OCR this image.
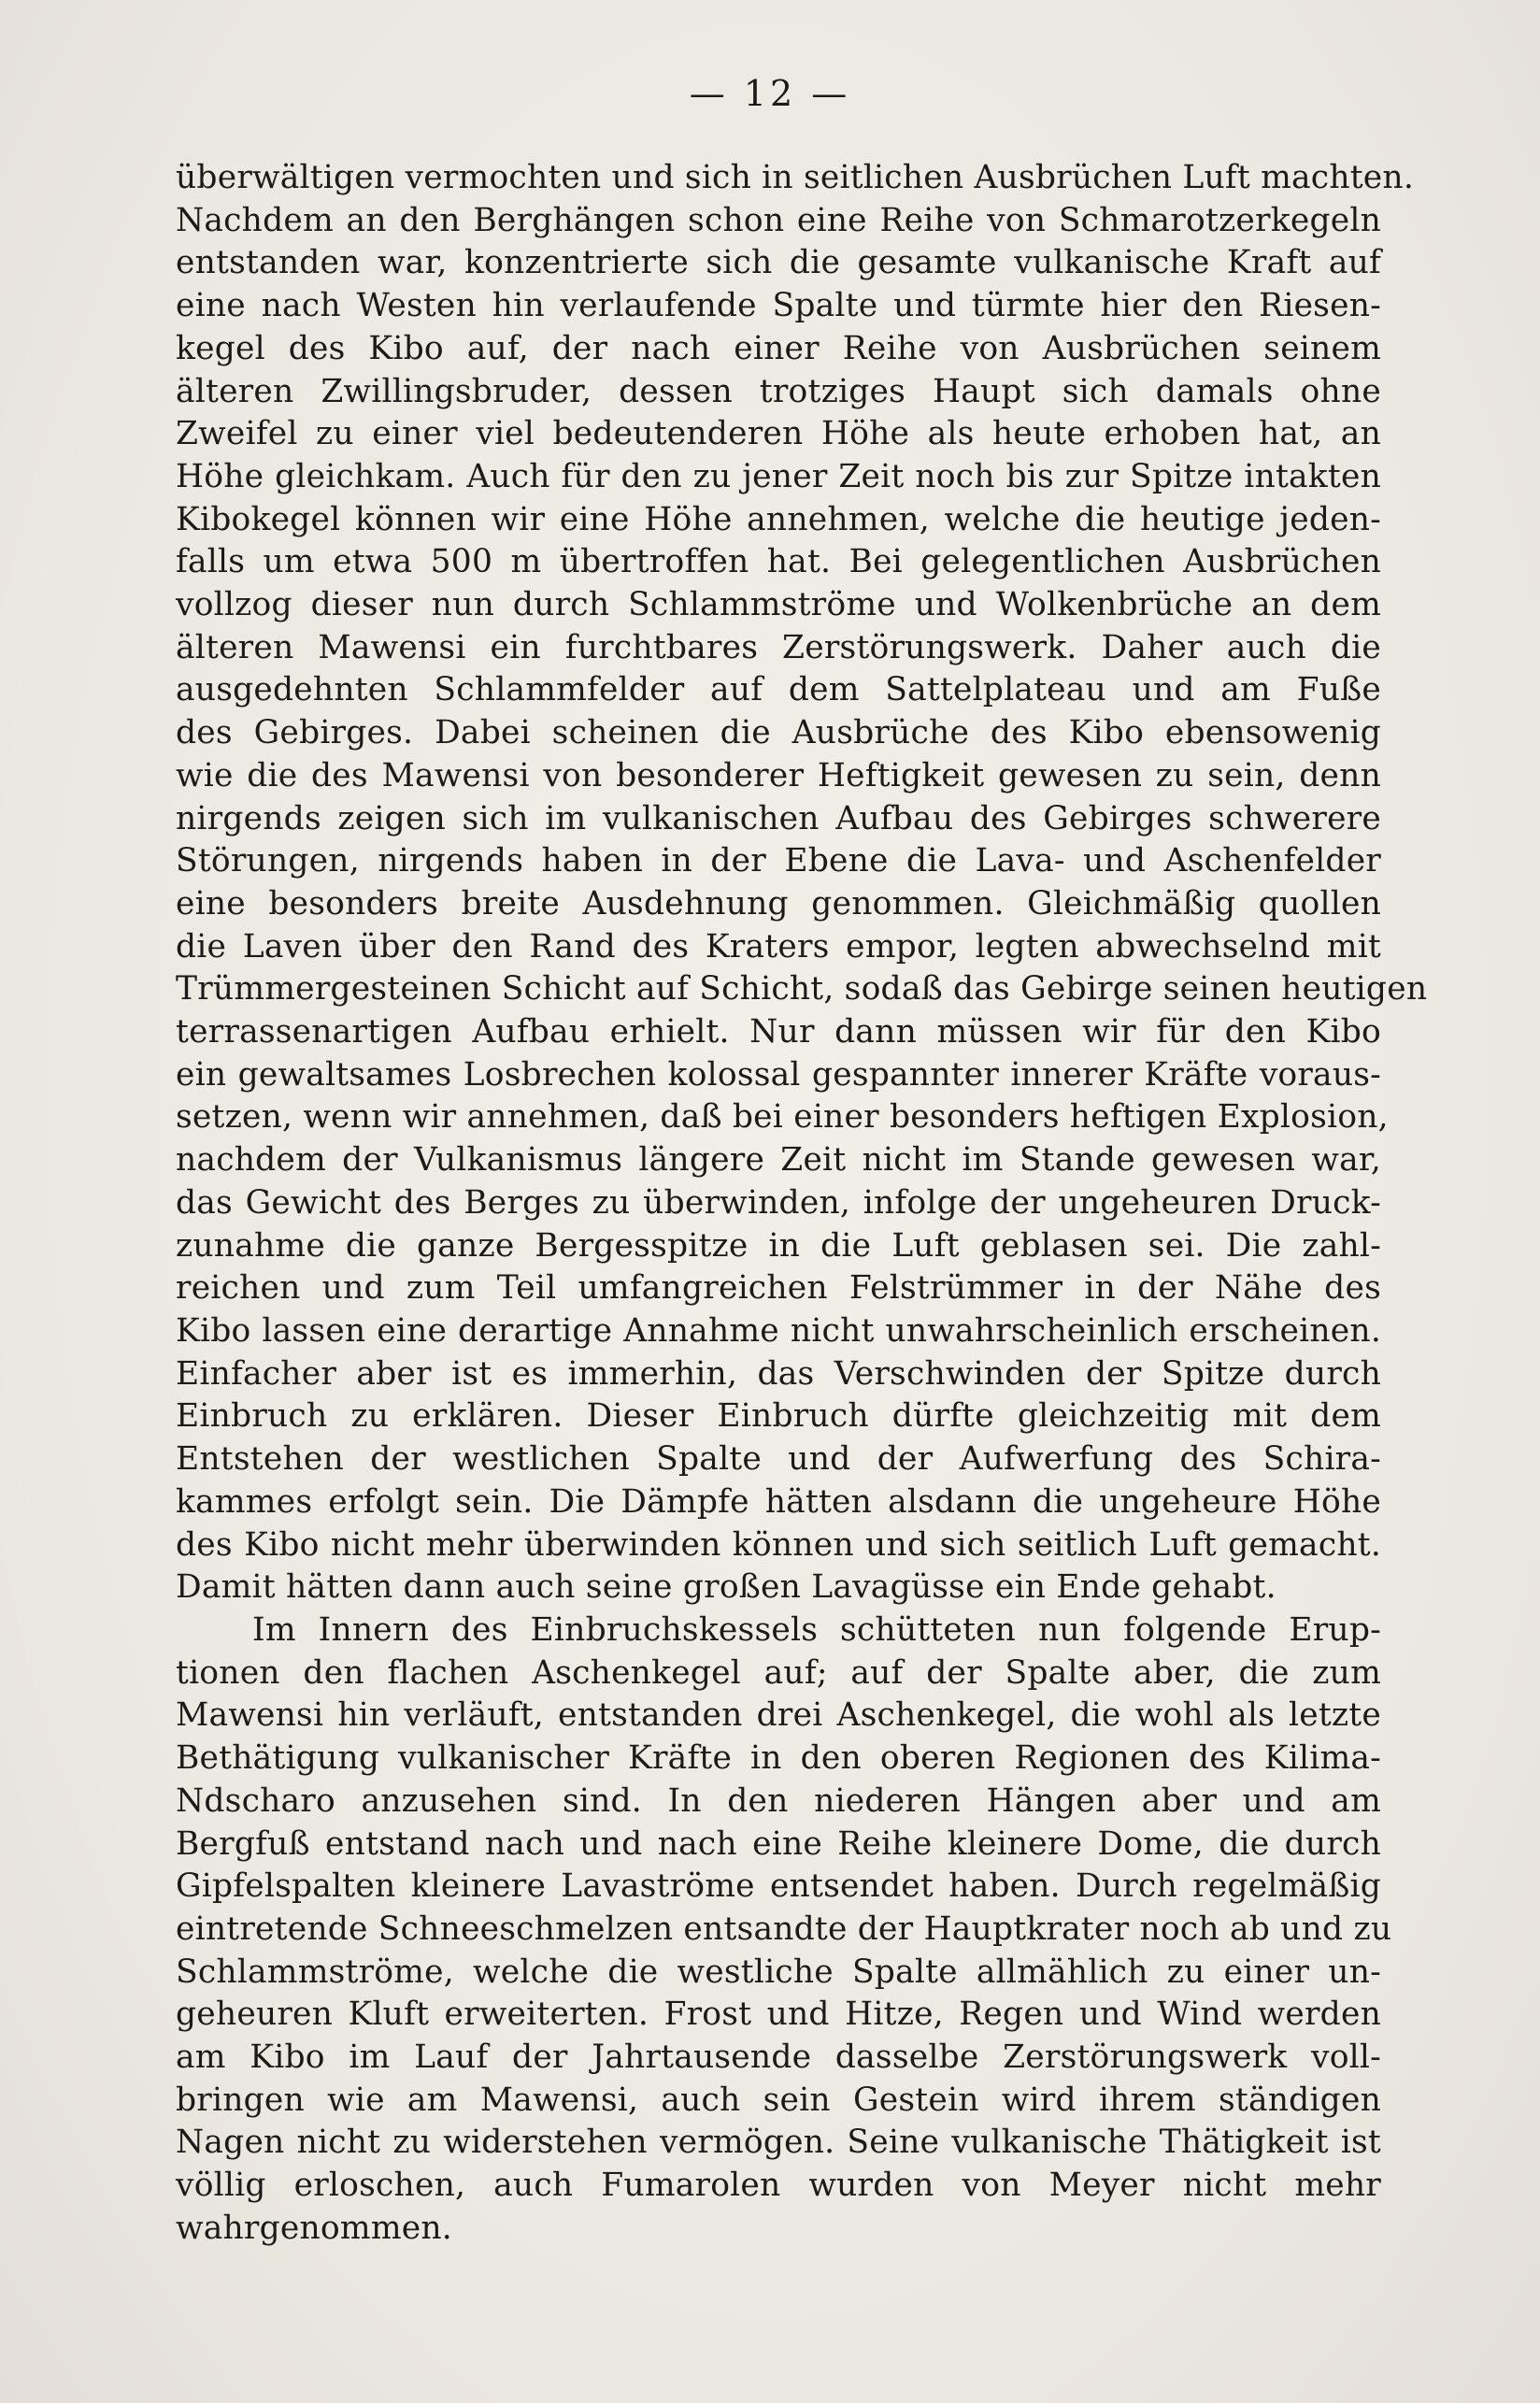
— 12 —
überwältigen vermochten und sich in seitlichen Ausbrüchen Luft machten.
Nachdem an den Berghängen schon eine Reihe von Schmarotzerkegeln
entstanden war, konzentrierte sich die gesamte vulkanische Kraft auf
eine nach Westen hin verlaufende Spalte und türmte hier den Riesen-
kegel des Kibo auf, der nach einer Reihe von Ausbrüchen seinem
älteren Zwillingsbruder, dessen trotziges Haupt sich damals ohne
Zweifel zu einer viel bedeutenderen Höhe als heute erhoben hat, an
Höhe gleichkam. Auch für den zu jener Zeit noch bis zur Spitze intakten
Kibokegel können wir eine Höhe annehmen, welche die heutige jeden-
falls um etwa 500 m übertroffen hat. Bei gelegentlichen Ausbrüchen
vollzog dieser nun durch Schlammströme und Wolkenbrüche an dem
älteren Mawensi ein furchtbares Zerstörungswerk. Daher auch die
ausgedehnten Schlammfelder auf dem Sattelplateau und am Fuße
des Gebirges. Dabei scheinen die Ausbrüche des Kibo ebensowenig
wie die des Mawensi von besonderer Heftigkeit gewesen zu sein, denn
nirgends zeigen sich im vulkanischen Aufbau des Gebirges schwerere
Störungen, nirgends haben in der Ebene die Lava- und Aschenfelder
eine besonders breite Ausdehnung genommen. Gleichmäßig quollen
die Laven über den Rand des Kraters empor, legten abwechselnd mit
Trümmergesteinen Schicht auf Schicht, sodaß das Gebirge seinen heutigen
terrassenartigen Aufbau erhielt. Nur dann müssen wir für den Kibo
ein gewaltsames Losbrechen kolossal gespannter innerer Kräfte voraus-
setzen, wenn wir annehmen, daß bei einer besonders heftigen Explosion,
nachdem der Vulkanismus längere Zeit nicht im Stande gewesen war,
das Gewicht des Berges zu überwinden, infolge der ungeheuren Druck-
zunahme die ganze Bergesspitze in die Luft geblasen sei. Die zahl-
reichen und zum Teil umfangreichen Felstrümmer in der Nähe des
Kibo lassen eine derartige Annahme nicht unwahrscheinlich erscheinen.
Einfacher aber ist es immerhin, das Verschwinden der Spitze durch
Einbruch zu erklären. Dieser Einbruch dürfte gleichzeitig mit dem
Entstehen der westlichen Spalte und der Aufwerfung des Schira-
kammes erfolgt sein. Die Dämpfe hätten alsdann die ungeheure Höhe
des Kibo nicht mehr überwinden können und sich seitlich Luft gemacht.
Damit hätten dann auch seine großen Lavagüsse ein Ende gehabt.
Im Innern des Einbruchskessels schütteten nun folgende Erup-
tionen den flachen Aschenkegel auf; auf der Spalte aber, die zum
Mawensi hin verläuft, entstanden drei Aschenkegel, die wohl als letzte
Bethätigung vulkanischer Kräfte in den oberen Regionen des Kilima-
Ndscharo anzusehen sind. In den niederen Hängen aber und am
Bergfuß entstand nach und nach eine Reihe kleinere Dome, die durch
Gipfelspalten kleinere Lavaströme entsendet haben. Durch regelmäßig
eintretende Schneeschmelzen entsandte der Hauptkrater noch ab und zu
Schlammströme, welche die westliche Spalte allmählich zu einer un-
geheuren Kluft erweiterten. Frost und Hitze, Regen und Wind werden
am Kibo im Lauf der Jahrtausende dasselbe Zerstörungswerk voll-
bringen wie am Mawensi, auch sein Gestein wird ihrem ständigen
Nagen nicht zu widerstehen vermögen. Seine vulkanische Thätigkeit ist
völlig erloschen, auch Fumarolen wurden von Meyer nicht mehr
wahrgenommen.
